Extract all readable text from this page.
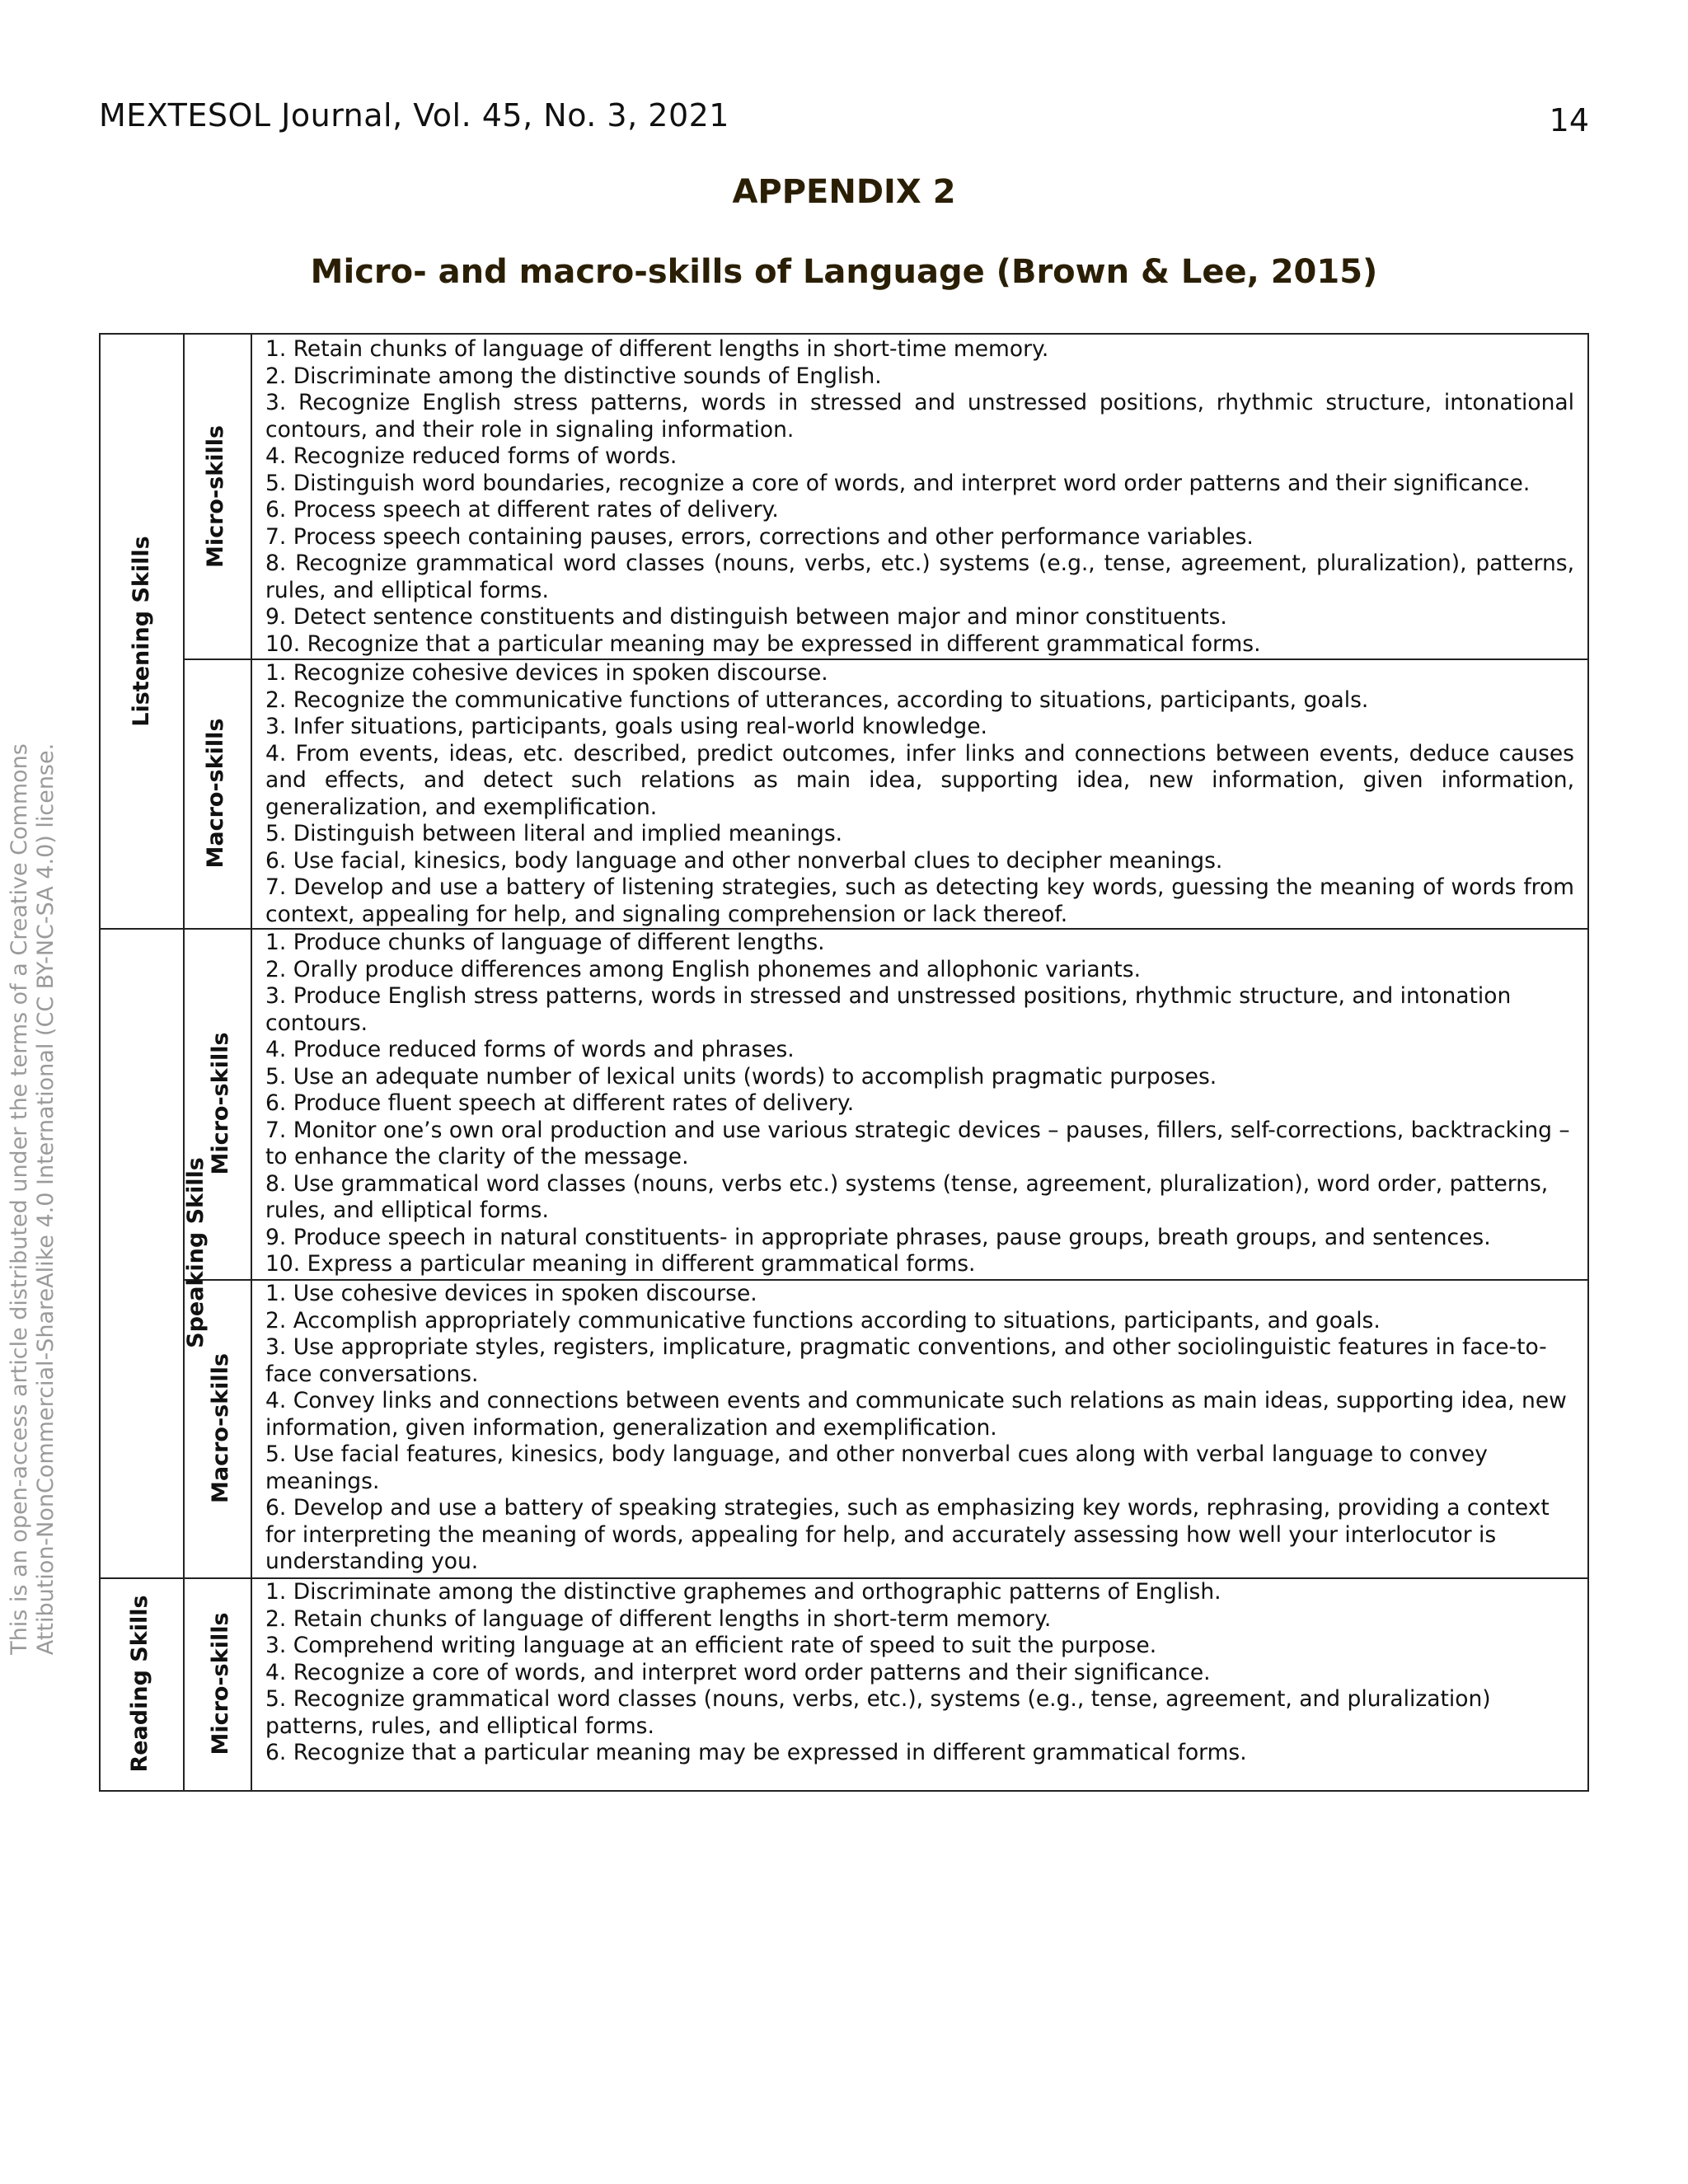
MEXTESOL Journal, Vol. 45, No. 3, 2021	14
APPENDIX 2
Micro- and macro-skills of Language (Brown & Lee, 2015)
This is an open-access article distributed under the terms of a Creative Commons Attibution-NonCommercial-ShareAlike 4.0 International (CC BY-NC-SA 4.0) license.
Listening Skills
Speaking Skills
Reading Skills
Micro-skills
Macro-skills
Micro-skills
Macro-skills
Micro-skills
1. Retain chunks of language of different lengths in short-time memory.
2. Discriminate among the distinctive sounds of English.
3. Recognize English stress patterns, words in stressed and unstressed positions, rhythmic structure, intonational contours, and their role in signaling information.
4. Recognize reduced forms of words.
5. Distinguish word boundaries, recognize a core of words, and interpret word order patterns and their significance.
6. Process speech at different rates of delivery.
7. Process speech containing pauses, errors, corrections and other performance variables.
8. Recognize grammatical word classes (nouns, verbs, etc.) systems (e.g., tense, agreement, pluralization), patterns, rules, and elliptical forms.
9. Detect sentence constituents and distinguish between major and minor constituents.
10. Recognize that a particular meaning may be expressed in different grammatical forms.
1. Recognize cohesive devices in spoken discourse.
2. Recognize the communicative functions of utterances, according to situations, participants, goals.
3. Infer situations, participants, goals using real-world knowledge.
4. From events, ideas, etc. described, predict outcomes, infer links and connections between events, deduce causes and effects, and detect such relations as main idea, supporting idea, new information, given information, generalization, and exemplification.
5. Distinguish between literal and implied meanings.
6. Use facial, kinesics, body language and other nonverbal clues to decipher meanings.
7. Develop and use a battery of listening strategies, such as detecting key words, guessing the meaning of words from context, appealing for help, and signaling comprehension or lack thereof.
1. Produce chunks of language of different lengths.
2. Orally produce differences among English phonemes and allophonic variants.
3. Produce English stress patterns, words in stressed and unstressed positions, rhythmic structure, and intonation contours.
4. Produce reduced forms of words and phrases.
5. Use an adequate number of lexical units (words) to accomplish pragmatic purposes.
6. Produce fluent speech at different rates of delivery.
7. Monitor one’s own oral production and use various strategic devices – pauses, fillers, self-corrections, backtracking – to enhance the clarity of the message.
8. Use grammatical word classes (nouns, verbs etc.) systems (tense, agreement, pluralization), word order, patterns, rules, and elliptical forms.
9. Produce speech in natural constituents- in appropriate phrases, pause groups, breath groups, and sentences.
10. Express a particular meaning in different grammatical forms.
1. Use cohesive devices in spoken discourse.
2. Accomplish appropriately communicative functions according to situations, participants, and goals.
3. Use appropriate styles, registers, implicature, pragmatic conventions, and other sociolinguistic features in face-to-face conversations.
4. Convey links and connections between events and communicate such relations as main ideas, supporting idea, new information, given information, generalization and exemplification.
5. Use facial features, kinesics, body language, and other nonverbal cues along with verbal language to convey meanings.
6. Develop and use a battery of speaking strategies, such as emphasizing key words, rephrasing, providing a context for interpreting the meaning of words, appealing for help, and accurately assessing how well your interlocutor is understanding you.
1. Discriminate among the distinctive graphemes and orthographic patterns of English.
2. Retain chunks of language of different lengths in short-term memory.
3. Comprehend writing language at an efficient rate of speed to suit the purpose.
4. Recognize a core of words, and interpret word order patterns and their significance.
5. Recognize grammatical word classes (nouns, verbs, etc.), systems (e.g., tense, agreement, and pluralization) patterns, rules, and elliptical forms.
6. Recognize that a particular meaning may be expressed in different grammatical forms.
